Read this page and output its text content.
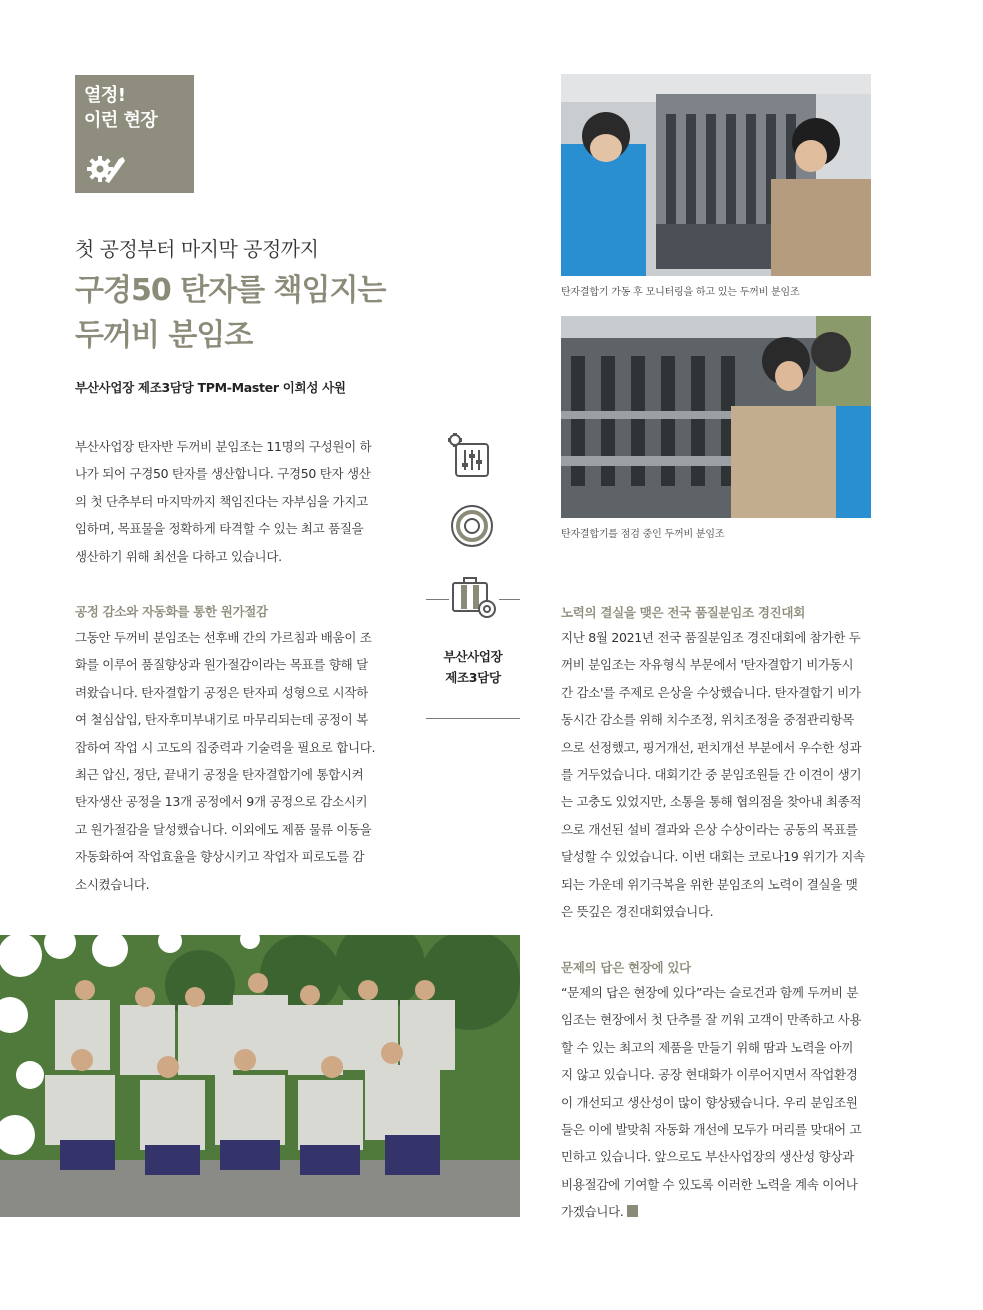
열정!
이런 현장
첫 공정부터 마지막 공정까지
구경50 탄자를 책임지는
두꺼비 분임조
부산사업장 제조3담당 TPM-Master 이희성 사원
부산사업장 탄자반 두꺼비 분임조는 11명의 구성원이 하
나가 되어 구경50 탄자를 생산합니다. 구경50 탄자 생산
의 첫 단추부터 마지막까지 책임진다는 자부심을 가지고
임하며, 목표물을 정확하게 타격할 수 있는 최고 품질을
생산하기 위해 최선을 다하고 있습니다.
공정 감소와 자동화를 통한 원가절감
그동안 두꺼비 분임조는 선후배 간의 가르침과 배움이 조
화를 이루어 품질향상과 원가절감이라는 목표를 향해 달
려왔습니다. 탄자결합기 공정은 탄자피 성형으로 시작하
여 철심삽입, 탄자후미부내기로 마무리되는데 공정이 복
잡하여 작업 시 고도의 집중력과 기술력을 필요로 합니다.
최근 압신, 정단, 끝내기 공정을 탄자결합기에 통합시켜
탄자생산 공정을 13개 공정에서 9개 공정으로 감소시키
고 원가절감을 달성했습니다. 이외에도 제품 물류 이동을
자동화하여 작업효율을 향상시키고 작업자 피로도를 감
소시켰습니다.
부산사업장
제조3담당
탄자결합기 가동 후 모니터링을 하고 있는 두꺼비 분임조
탄자결합기를 점검 중인 두꺼비 분임조
노력의 결실을 맺은 전국 품질분임조 경진대회
지난 8월 2021년 전국 품질분임조 경진대회에 참가한 두
꺼비 분임조는 자유형식 부문에서 '탄자결합기 비가동시
간 감소'를 주제로 은상을 수상했습니다. 탄자결합기 비가
동시간 감소를 위해 치수조정, 위치조정을 중점관리항목
으로 선정했고, 핑거개선, 펀치개선 부분에서 우수한 성과
를 거두었습니다. 대회기간 중 분임조원들 간 이견이 생기
는 고충도 있었지만, 소통을 통해 협의점을 찾아내 최종적
으로 개선된 설비 결과와 은상 수상이라는 공동의 목표를
달성할 수 있었습니다. 이번 대회는 코로나19 위기가 지속
되는 가운데 위기극복을 위한 분임조의 노력이 결실을 맺
은 뜻깊은 경진대회였습니다.
문제의 답은 현장에 있다
“문제의 답은 현장에 있다”라는 슬로건과 함께 두꺼비 분
임조는 현장에서 첫 단추를 잘 끼워 고객이 만족하고 사용
할 수 있는 최고의 제품을 만들기 위해 땀과 노력을 아끼
지 않고 있습니다. 공장 현대화가 이루어지면서 작업환경
이 개선되고 생산성이 많이 향상됐습니다. 우리 분임조원
들은 이에 발맞춰 자동화 개선에 모두가 머리를 맞대어 고
민하고 있습니다. 앞으로도 부산사업장의 생산성 향상과
비용절감에 기여할 수 있도록 이러한 노력을 계속 이어나
가겠습니다.
